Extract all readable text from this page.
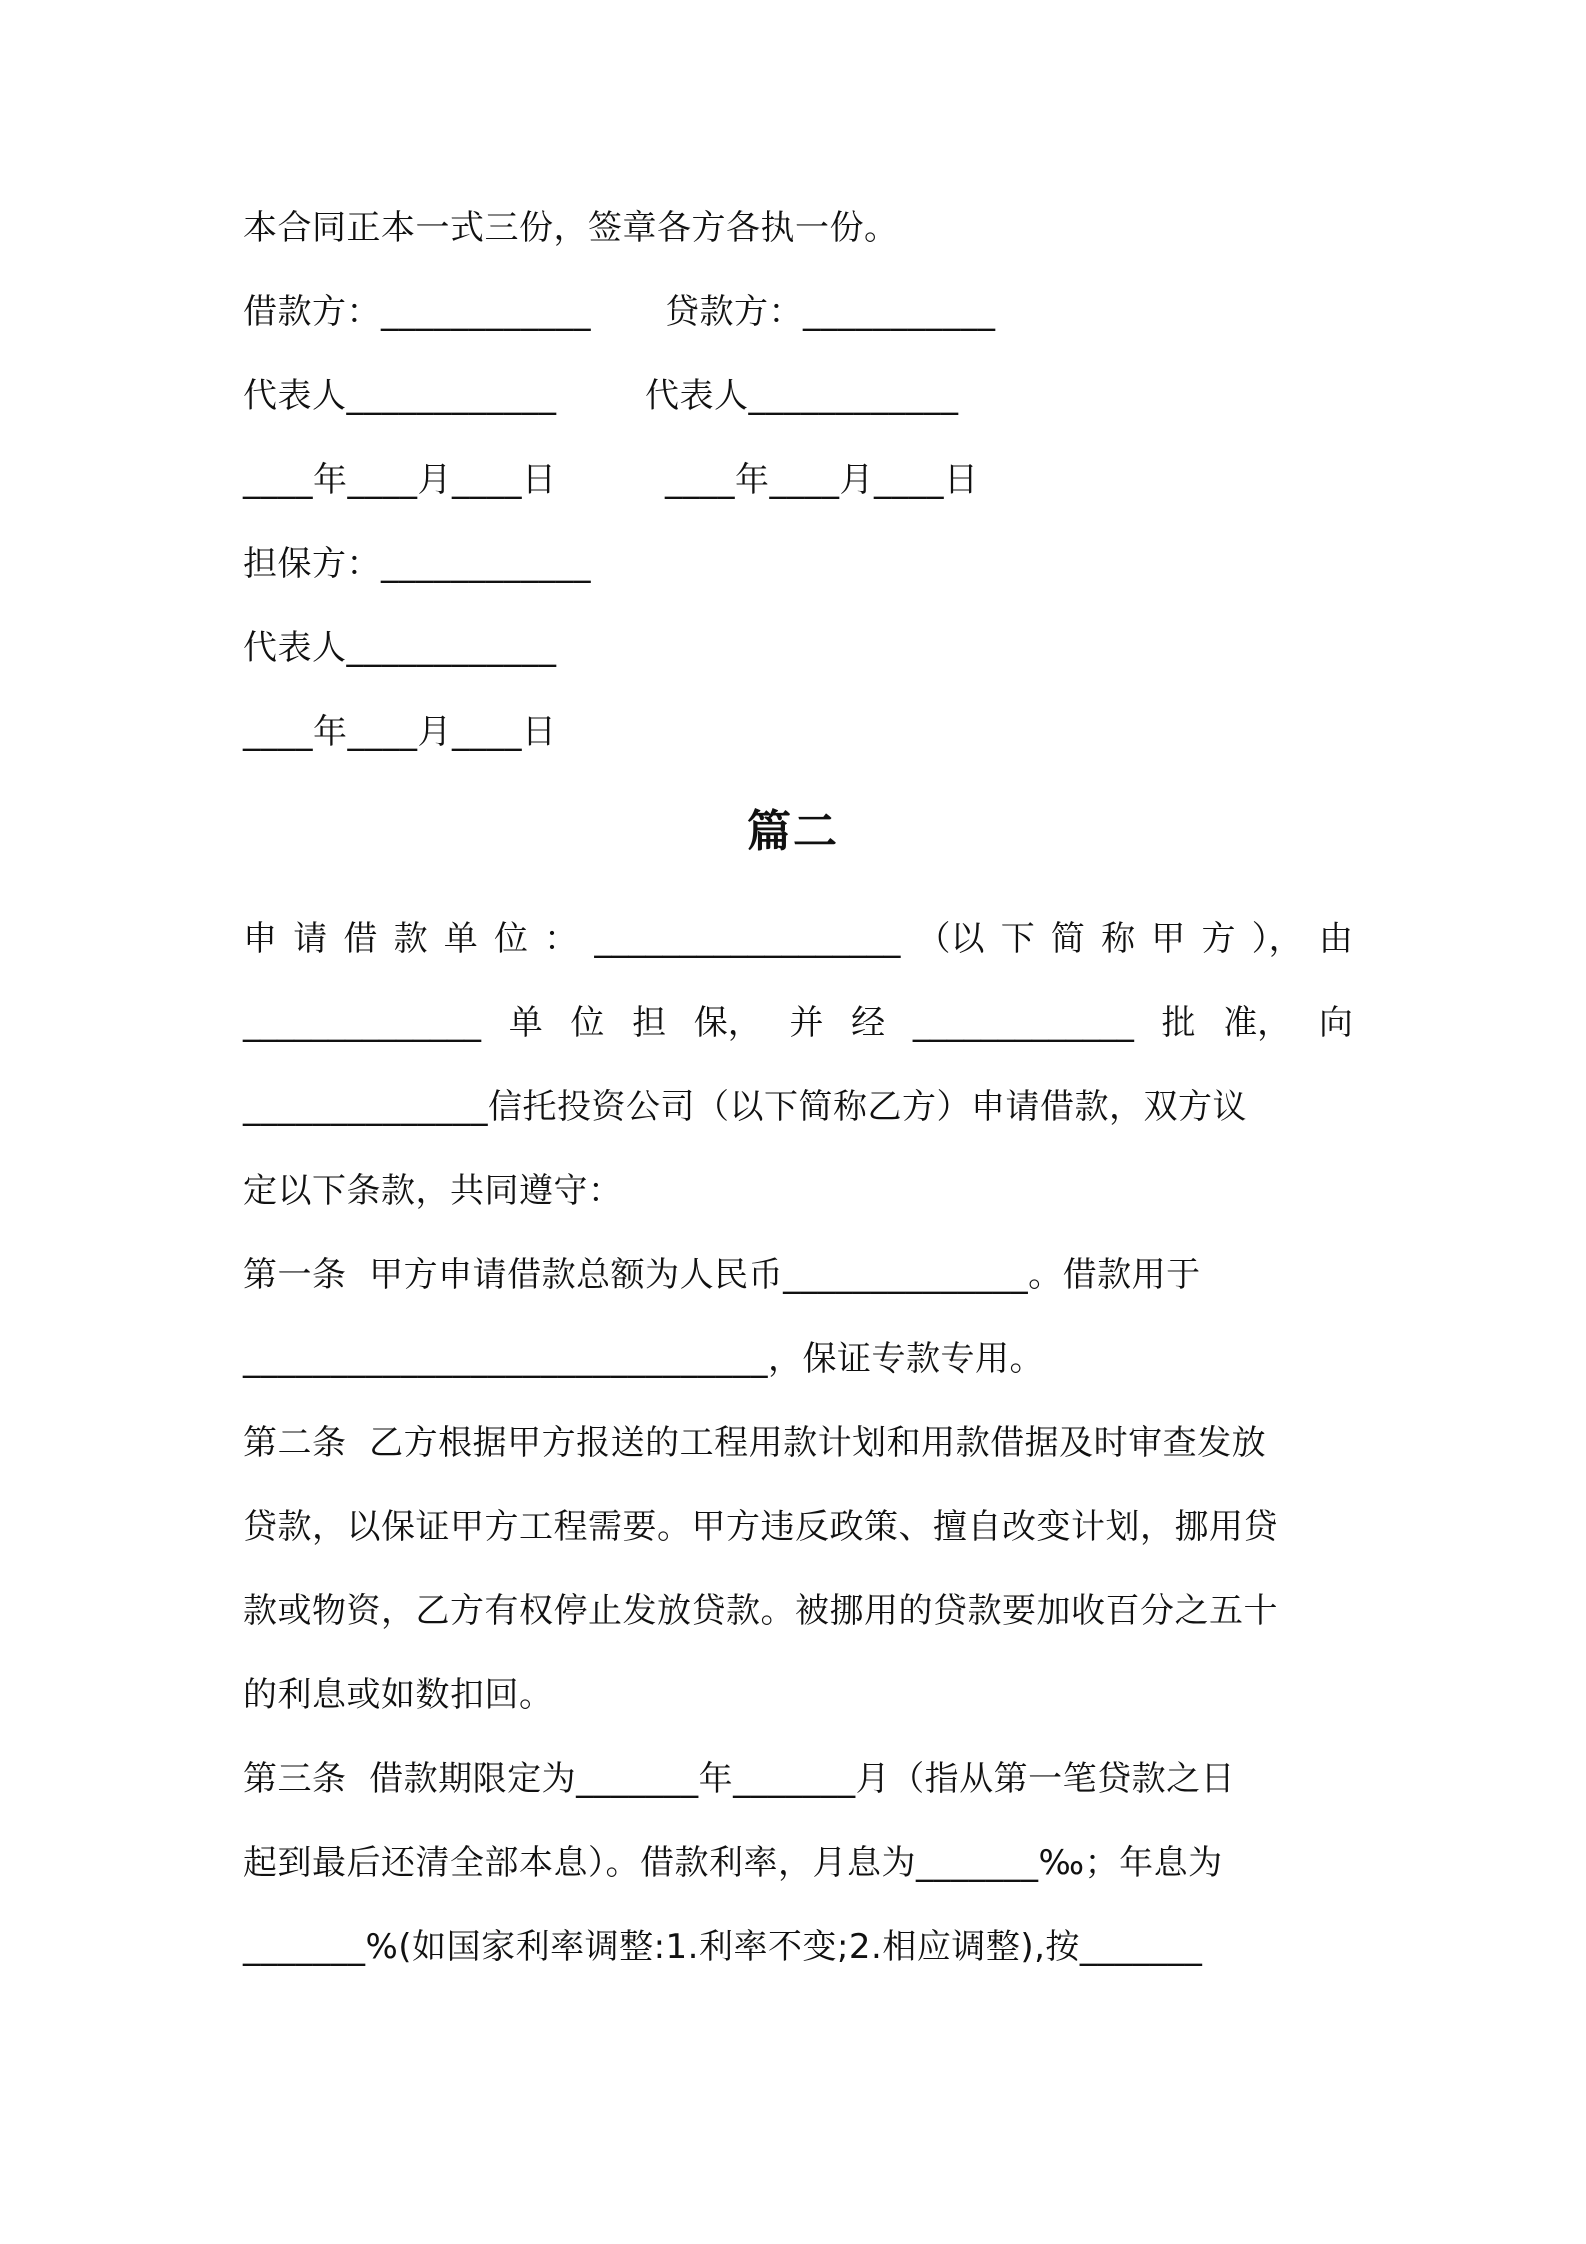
本合同正本一式三份，签章各方各执一份。
借款方：____________ 贷款方：___________
代表人____________	代表人____________
____年____月____日	____年____月____日
担保方：____________
代表人____________
____年____月____日
篇二
申 请 借 款 单 位 ： __________________ （以 下 简 称 甲 方 ）， 由
______________ 单 位 担 保， 并 经 _____________ 批 准， 向
______________信托投资公司（以下简称乙方）申请借款，双方议
定以下条款，共同遵守：
第一条  甲方申请借款总额为人民币______________。借款用于
______________________________，保证专款专用。
第二条  乙方根据甲方报送的工程用款计划和用款借据及时审查发放
贷款，以保证甲方工程需要。甲方违反政策、擅自改变计划，挪用贷
款或物资，乙方有权停止发放贷款。被挪用的贷款要加收百分之五十
的利息或如数扣回。
第三条  借款期限定为_______年_______月（指从第一笔贷款之日
起到最后还清全部本息）。借款利率，月息为_______‰；年息为
_______%(如国家利率调整:1.利率不变;2.相应调整),按_______
